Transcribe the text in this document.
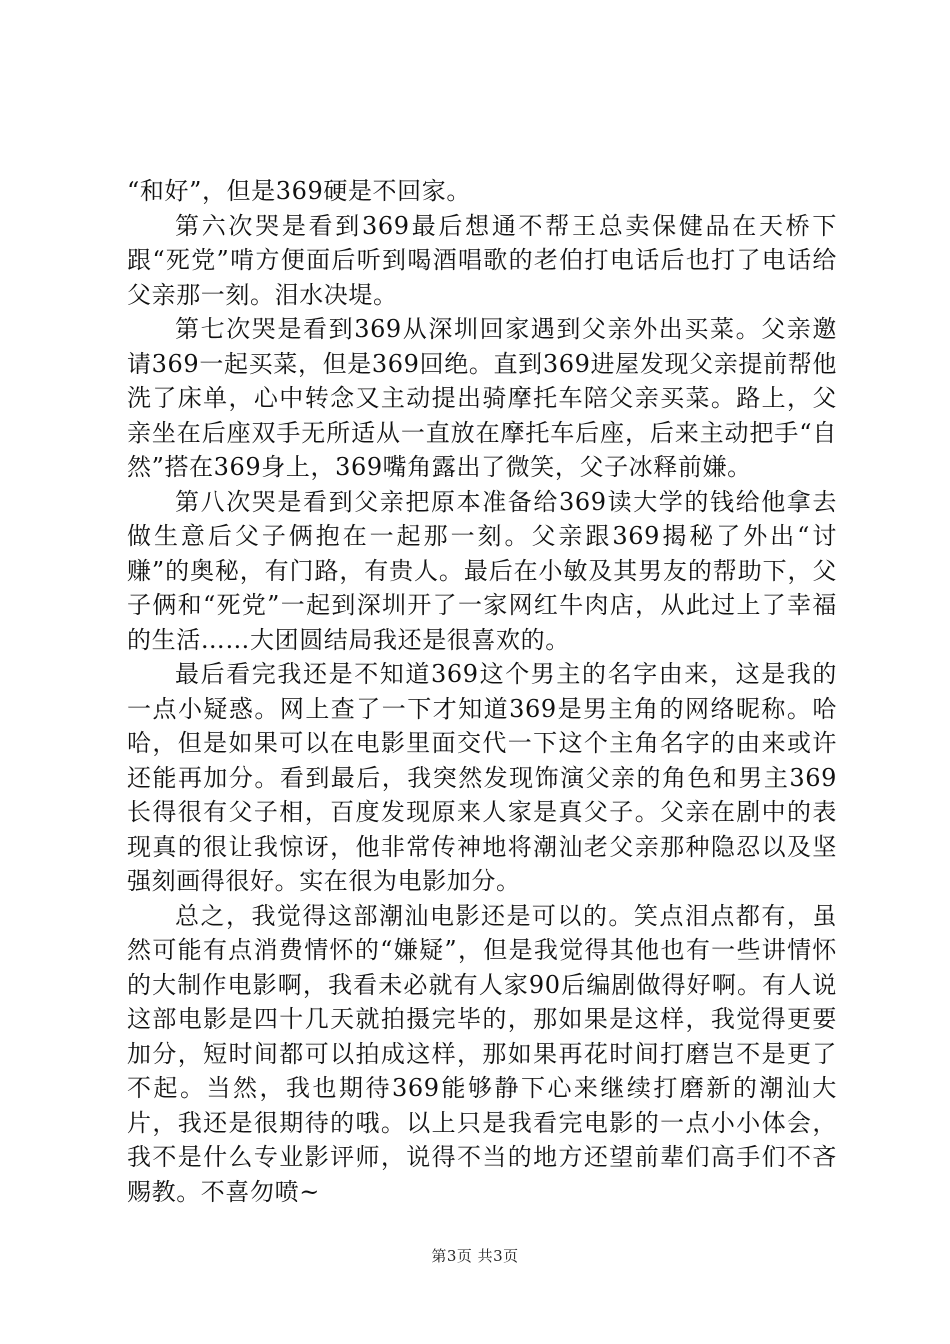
“和好”，但是369硬是不回家。

第六次哭是看到369最后想通不帮王总卖保健品在天桥下跟“死党”啃方便面后听到喝酒唱歌的老伯打电话后也打了电话给父亲那一刻。泪水决堤。

第七次哭是看到369从深圳回家遇到父亲外出买菜。父亲邀请369一起买菜，但是369回绝。直到369进屋发现父亲提前帮他洗了床单，心中转念又主动提出骑摩托车陪父亲买菜。路上，父亲坐在后座双手无所适从一直放在摩托车后座，后来主动把手“自然”搭在369身上，369嘴角露出了微笑，父子冰释前嫌。

第八次哭是看到父亲把原本准备给369读大学的钱给他拿去做生意后父子俩抱在一起那一刻。父亲跟369揭秘了外出“讨赚”的奥秘，有门路，有贵人。最后在小敏及其男友的帮助下，父子俩和“死党”一起到深圳开了一家网红牛肉店，从此过上了幸福的生活……大团圆结局我还是很喜欢的。

最后看完我还是不知道369这个男主的名字由来，这是我的一点小疑惑。网上查了一下才知道369是男主角的网络昵称。哈哈，但是如果可以在电影里面交代一下这个主角名字的由来或许还能再加分。看到最后，我突然发现饰演父亲的角色和男主369长得很有父子相，百度发现原来人家是真父子。父亲在剧中的表现真的很让我惊讶，他非常传神地将潮汕老父亲那种隐忍以及坚强刻画得很好。实在很为电影加分。

总之，我觉得这部潮汕电影还是可以的。笑点泪点都有，虽然可能有点消费情怀的“嫌疑”，但是我觉得其他也有一些讲情怀的大制作电影啊，我看未必就有人家90后编剧做得好啊。有人说这部电影是四十几天就拍摄完毕的，那如果是这样，我觉得更要加分，短时间都可以拍成这样，那如果再花时间打磨岂不是更了不起。当然，我也期待369能够静下心来继续打磨新的潮汕大片，我还是很期待的哦。以上只是我看完电影的一点小小体会，我不是什么专业影评师，说得不当的地方还望前辈们高手们不吝赐教。不喜勿喷~

第3页 共3页
